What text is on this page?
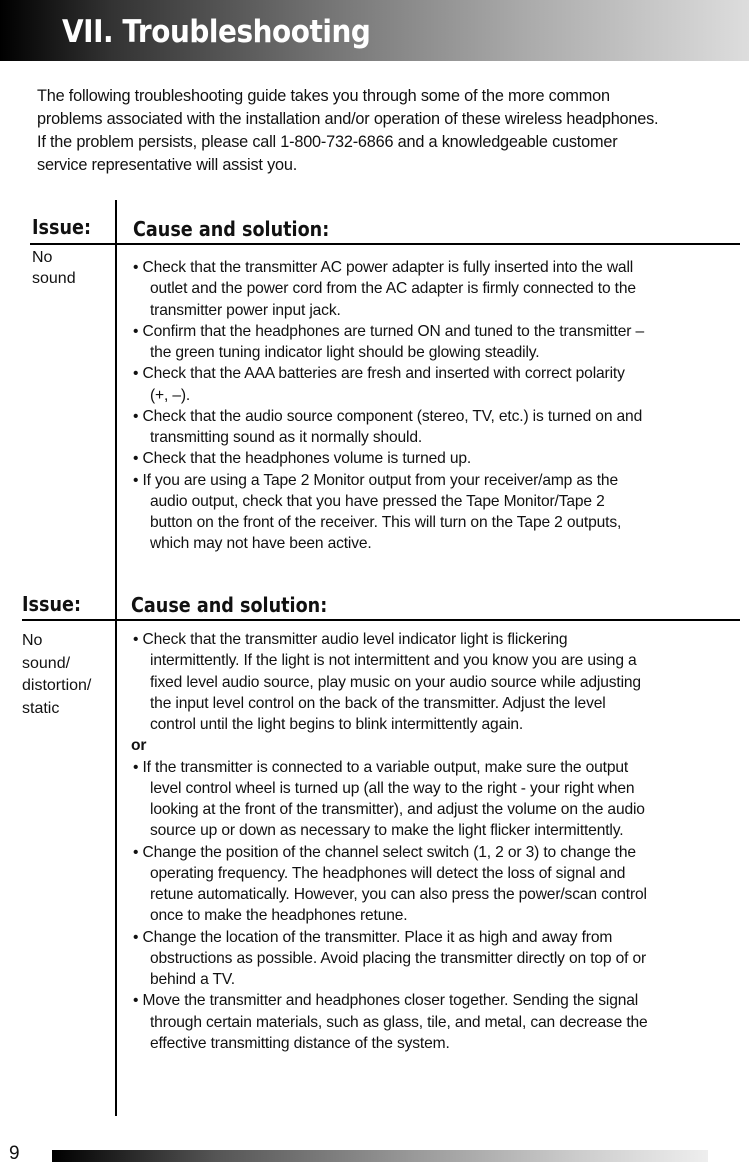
VII. Troubleshooting
The following troubleshooting guide takes you through some of the more common
problems associated with the installation and/or operation of these wireless headphones.
If the problem persists, please call 1-800-732-6866 and a knowledgeable customer
service representative will assist you.
Issue: Cause and solution:
No
sound
• Check that the transmitter AC power adapter is fully inserted into the wall
outlet and the power cord from the AC adapter is firmly connected to the
transmitter power input jack.
• Confirm that the headphones are turned ON and tuned to the transmitter –
the green tuning indicator light should be glowing steadily.
• Check that the AAA batteries are fresh and inserted with correct polarity
(+, –).
• Check that the audio source component (stereo, TV, etc.) is turned on and
transmitting sound as it normally should.
• Check that the headphones volume is turned up.
• If you are using a Tape 2 Monitor output from your receiver/amp as the
audio output, check that you have pressed the Tape Monitor/Tape 2
button on the front of the receiver. This will turn on the Tape 2 outputs,
which may not have been active.
Issue: Cause and solution:
No
sound/
distortion/
static
• Check that the transmitter audio level indicator light is flickering
intermittently. If the light is not intermittent and you know you are using a
fixed level audio source, play music on your audio source while adjusting
the input level control on the back of the transmitter. Adjust the level
control until the light begins to blink intermittently again.
or
• If the transmitter is connected to a variable output, make sure the output
level control wheel is turned up (all the way to the right - your right when
looking at the front of the transmitter), and adjust the volume on the audio
source up or down as necessary to make the light flicker intermittently.
• Change the position of the channel select switch (1, 2 or 3) to change the
operating frequency. The headphones will detect the loss of signal and
retune automatically. However, you can also press the power/scan control
once to make the headphones retune.
• Change the location of the transmitter. Place it as high and away from
obstructions as possible. Avoid placing the transmitter directly on top of or
behind a TV.
• Move the transmitter and headphones closer together. Sending the signal
through certain materials, such as glass, tile, and metal, can decrease the
effective transmitting distance of the system.
9
